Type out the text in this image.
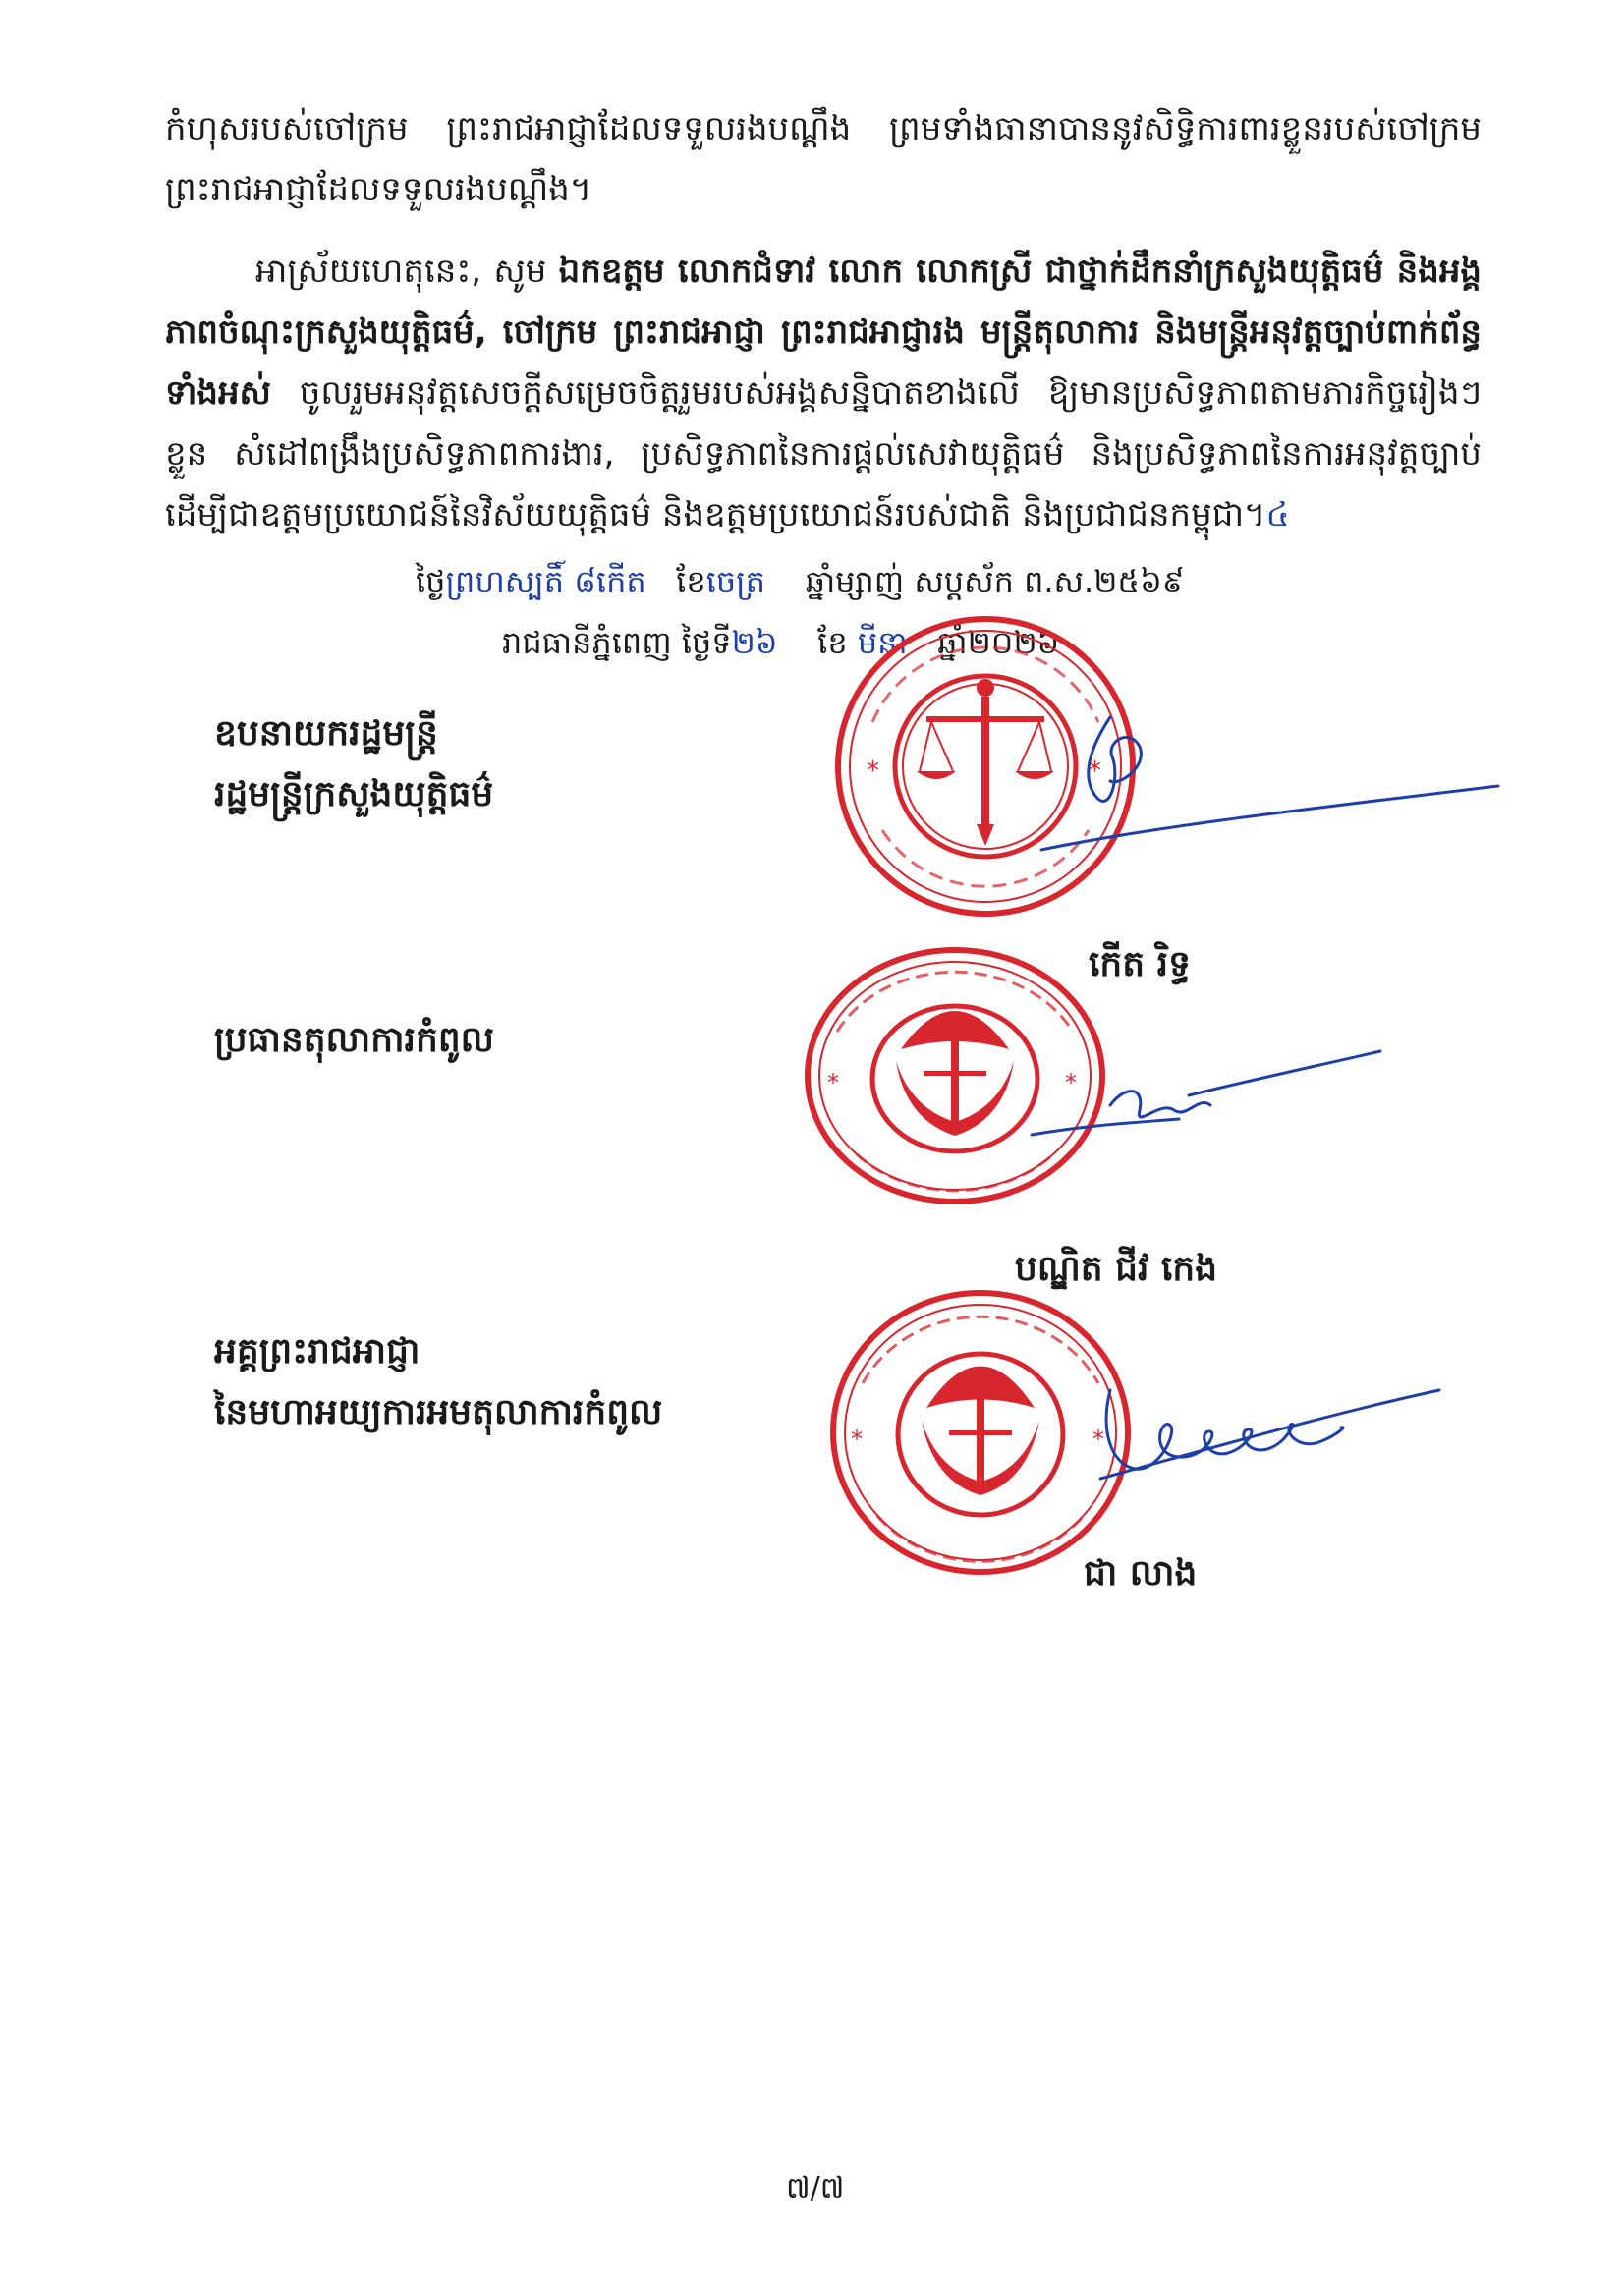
កំហុសរបស់ចៅក្រម ព្រះរាជអាជ្ញាដែលទទួលរងបណ្ដឹង ព្រមទាំងធានាបាននូវសិទ្ធិការពារខ្លួនរបស់ចៅក្រម ព្រះរាជអាជ្ញាដែលទទួលរងបណ្ដឹង។
អាស្រ័យហេតុនេះ, សូម ឯកឧត្តម លោកជំទាវ លោក លោកស្រី ជាថ្នាក់ដឹកនាំក្រសួងយុត្តិធម៌ និងអង្គភាពចំណុះក្រសួងយុត្តិធម៌, ចៅក្រម ព្រះរាជអាជ្ញា ព្រះរាជអាជ្ញារង មន្ត្រីតុលាការ និងមន្ត្រីអនុវត្តច្បាប់ពាក់ព័ន្ធទាំងអស់ ចូលរួមអនុវត្តសេចក្ដីសម្រេចចិត្តរួមរបស់អង្គសន្និបាតខាងលើ ឱ្យមានប្រសិទ្ធភាពតាមភារកិច្ចរៀងៗខ្លួន សំដៅពង្រឹងប្រសិទ្ធភាពការងារ, ប្រសិទ្ធភាពនៃការផ្ដល់សេវាយុត្តិធម៌ និងប្រសិទ្ធភាពនៃការអនុវត្តច្បាប់ ដើម្បីជាឧត្តមប្រយោជន៍នៃវិស័យយុត្តិធម៌ និងឧត្តមប្រយោជន៍របស់ជាតិ និងប្រជាជនកម្ពុជា។៤
ថ្ងៃព្រហស្បតិ៍ ៨កើត ខែចេត្រ ឆ្នាំម្សាញ់ សប្តស័ក ព.ស.២៥៦៩
រាជធានីភ្នំពេញ ថ្ងៃទី២៦ ខែ មីនា ឆ្នាំ២០២៦
ឧបនាយករដ្ឋមន្ត្រី
រដ្ឋមន្ត្រីក្រសួងយុត្តិធម៌
ប្រធានតុលាការកំពូល
អគ្គព្រះរាជអាជ្ញា
នៃមហាអយ្យការអមតុលាការកំពូល
*	*
កើត រិទ្ធ
*	*
បណ្ឌិត ជីវ កេង
*	*
ជា លាង
៧/៧
